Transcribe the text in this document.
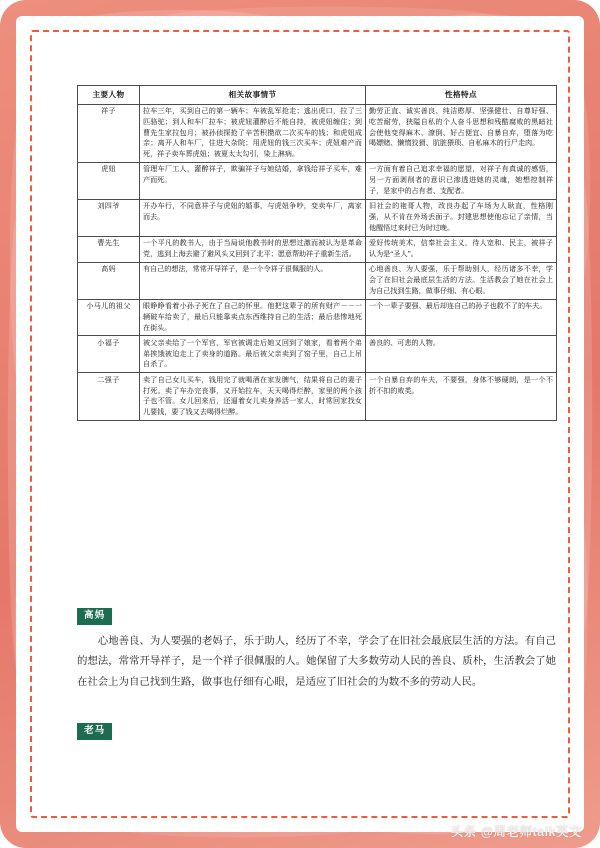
主要人物	相关故事情节	性格特点
祥子	拉车三年，买到自己的第一辆车；车被乱军抢走；逃出虎口，拉了三匹骆驼；到人和车厂拉车；被虎妞灌醉后不能自持，被虎妞缠住；到曹先生家拉包月；被孙侦探抢了辛苦积攒欲二次买车的钱；和虎妞成亲；离开人和车厂，住进大杂院；用虎妞的钱三次买车；虎妞难产而死，祥子卖车葬虎妞；被夏太太勾引，染上淋病。	勤劳正直、诚实善良、纯洁憨厚、坚强健壮、自尊好强、吃苦耐劳，狭隘自私的个人奋斗思想和残酷腐败的黑暗社会使他变得麻木、潦倒、好占便宜、自暴自弃，堕落为吃喝嫖赌、懒惰狡猾、肮脏猥琐、自私麻木的行尸走肉。
虎妞	管理车厂工人，灌醉祥子，欺骗祥子与她结婚，拿钱给祥子买车，难产而死。	一方面有着自己追求幸福的愿望，对祥子有真诚的感悟，另一方面剥削者的意识已渗透进她的灵魂，她想控制祥子，是家中的占有者、支配者。
刘四爷	开办车行，不同意祥子与虎妞的婚事，与虎妞争吵，变卖车厂，离家而去。	旧社会的袍哥人物，改良办起了车场为人耿直，性格刚强，从不肯在外场丢面子。封建思想使他忘记了亲情，当他醒悟过来时已为时过晚。
曹先生	一个平凡的教书人，由于当局说他教书时的思想过激而被认为是革命党，逃到上海去避了避风头又回到了北平；愿意帮助祥子重新生活。	爱好传统美术，信奉社会主义，待人宽和、民主，被祥子认为是“圣人”。
高妈	有自己的想法，常常开导祥子，是一个令祥子很佩服的人。	心地善良、为人要强，乐于帮助别人，经历诸多不幸，学会了在旧社会最底层生活的方法。生活教会了她在社会上为自己找到生路，做事仔细、有心眼。
小马儿的祖父	眼睁睁看着小孙子死在了自己的怀里。他把这辈子的所有财产－－一辆破车给卖了，最后只能靠卖点东西维持自己的生活；最后悲惨地死在街头。	一个一辈子要强、最后却连自己的孙子也救不了的车夫。
小福子	被父亲卖给了一个军官，军官被调走后她又回到了娘家，看着两个弟弟挨饿被迫走上了卖身的道路。最后被父亲卖到了窑子里，自己上吊自杀了。	善良的、可悲的人物。
二强子	卖了自己女儿买车，钱用完了就喝酒在家发脾气，结果将自己的妻子打死。卖了车办完丧事，又开始拉车，天天喝得烂醉，家里的两个孩子也不管。女儿回来后，还逼着女儿卖身养活一家人，时常回家找女儿要钱，要了钱又去喝得烂醉。	一个自暴自弃的车夫，不要强，身体不够硬朗，是一个不折不扣的败类。
高妈

心地善良、为人要强的老妈子，乐于助人，经历了不幸，学会了在旧社会最底层生活的方法。有自己的想法，常常开导祥子，是一个祥子很佩服的人。她保留了大多数劳动人民的善良、质朴，生活教会了她在社会上为自己找到生路，做事也仔细有心眼，是适应了旧社会的为数不多的劳动人民。

老马
头条 @周老师talk英文
